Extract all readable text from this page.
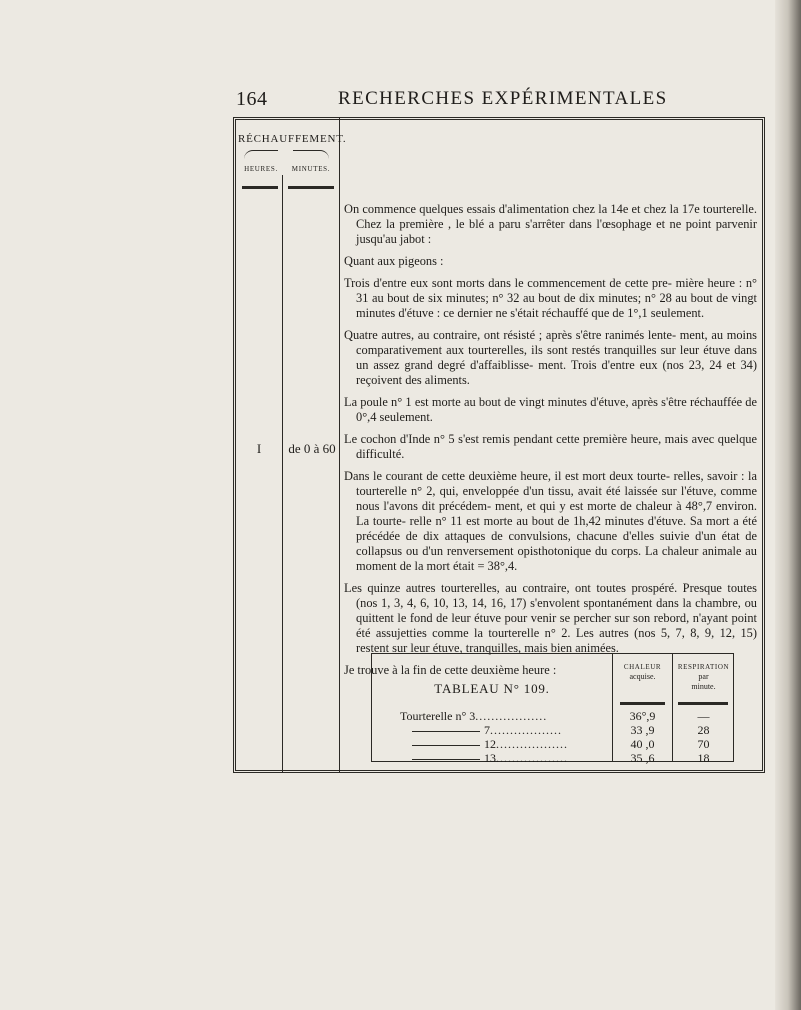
164	RECHERCHES EXPÉRIMENTALES
RÉCHAUFFEMENT.
HEURES.	MINUTES.
I	de 0 à 60

On commence quelques essais d'alimentation chez la 14e et chez la 17e tourterelle. Chez la première , le blé a paru s'arrêter dans l'œsophage et ne point parvenir jusqu'au jabot :

Quant aux pigeons :

Trois d'entre eux sont morts dans le commencement de cette pre- mière heure : n° 31 au bout de six minutes; n° 32 au bout de dix minutes; n° 28 au bout de vingt minutes d'étuve : ce dernier ne s'était réchauffé que de 1°,1 seulement.

Quatre autres, au contraire, ont résisté ; après s'être ranimés lente- ment, au moins comparativement aux tourterelles, ils sont restés tranquilles sur leur étuve dans un assez grand degré d'affaiblisse- ment. Trois d'entre eux (nos 23, 24 et 34) reçoivent des aliments.

La poule n° 1 est morte au bout de vingt minutes d'étuve, après s'être réchauffée de 0°,4 seulement.

Le cochon d'Inde n° 5 s'est remis pendant cette première heure, mais avec quelque difficulté.

Dans le courant de cette deuxième heure, il est mort deux tourte- relles, savoir : la tourterelle n° 2, qui, enveloppée d'un tissu, avait été laissée sur l'étuve, comme nous l'avons dit précédem- ment, et qui y est morte de chaleur à 48°,7 environ. La tourte- relle n° 11 est morte au bout de 1h,42 minutes d'étuve. Sa mort a été précédée de dix attaques de convulsions, chacune d'elles suivie d'un état de collapsus ou d'un renversement opisthotonique du corps. La chaleur animale au moment de la mort était = 38°,4.

Les quinze autres tourterelles, au contraire, ont toutes prospéré. Presque toutes (nos 1, 3, 4, 6, 10, 13, 14, 16, 17) s'envolent spontanément dans la chambre, ou quittent le fond de leur étuve pour venir se percher sur son rebord, n'ayant point été assujetties comme la tourterelle n° 2. Les autres (nos 5, 7, 8, 9, 12, 15) restent sur leur étuve, tranquilles, mais bien animées.

Je trouve à la fin de cette deuxième heure :

TABLEAU N° 109.
CHALEUR
acquise.
RESPIRATION
par
minute.
Tourterelle n° 3..................	36°,9	—
7..................	33 ,9	28
12..................	40 ,0	70
13..................	35 ,6	18
